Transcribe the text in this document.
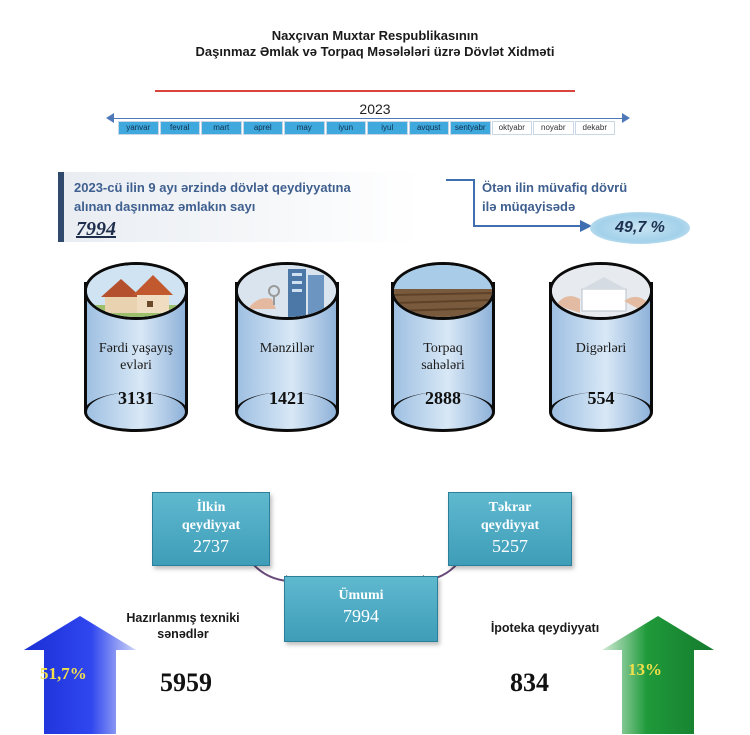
Naxçıvan Muxtar Respublikasının
Daşınmaz Əmlak və Torpaq Məsələləri üzrə Dövlət Xidməti
2023
yanvar	fevral	mart	aprel	may	iyun	iyul	avqust	sentyabr	oktyabr	noyabr	dekabr
2023-cü ilin 9 ayı ərzində dövlət qeydiyyatına
alınan daşınmaz əmlakın sayı
7994
Ötən ilin müvafiq dövrü
ilə müqayisədə
49,7 %
Fərdi yaşayış
evləri
3131
Mənzillər
1421
Torpaq
sahələri
2888
Digərləri
554
İlkin
qeydiyyat
2737
Təkrar
qeydiyyat
5257
Ümumi
7994
Hazırlanmış texniki
sənədlər
51,7%	5959
İpoteka qeydiyyatı
834	13%
